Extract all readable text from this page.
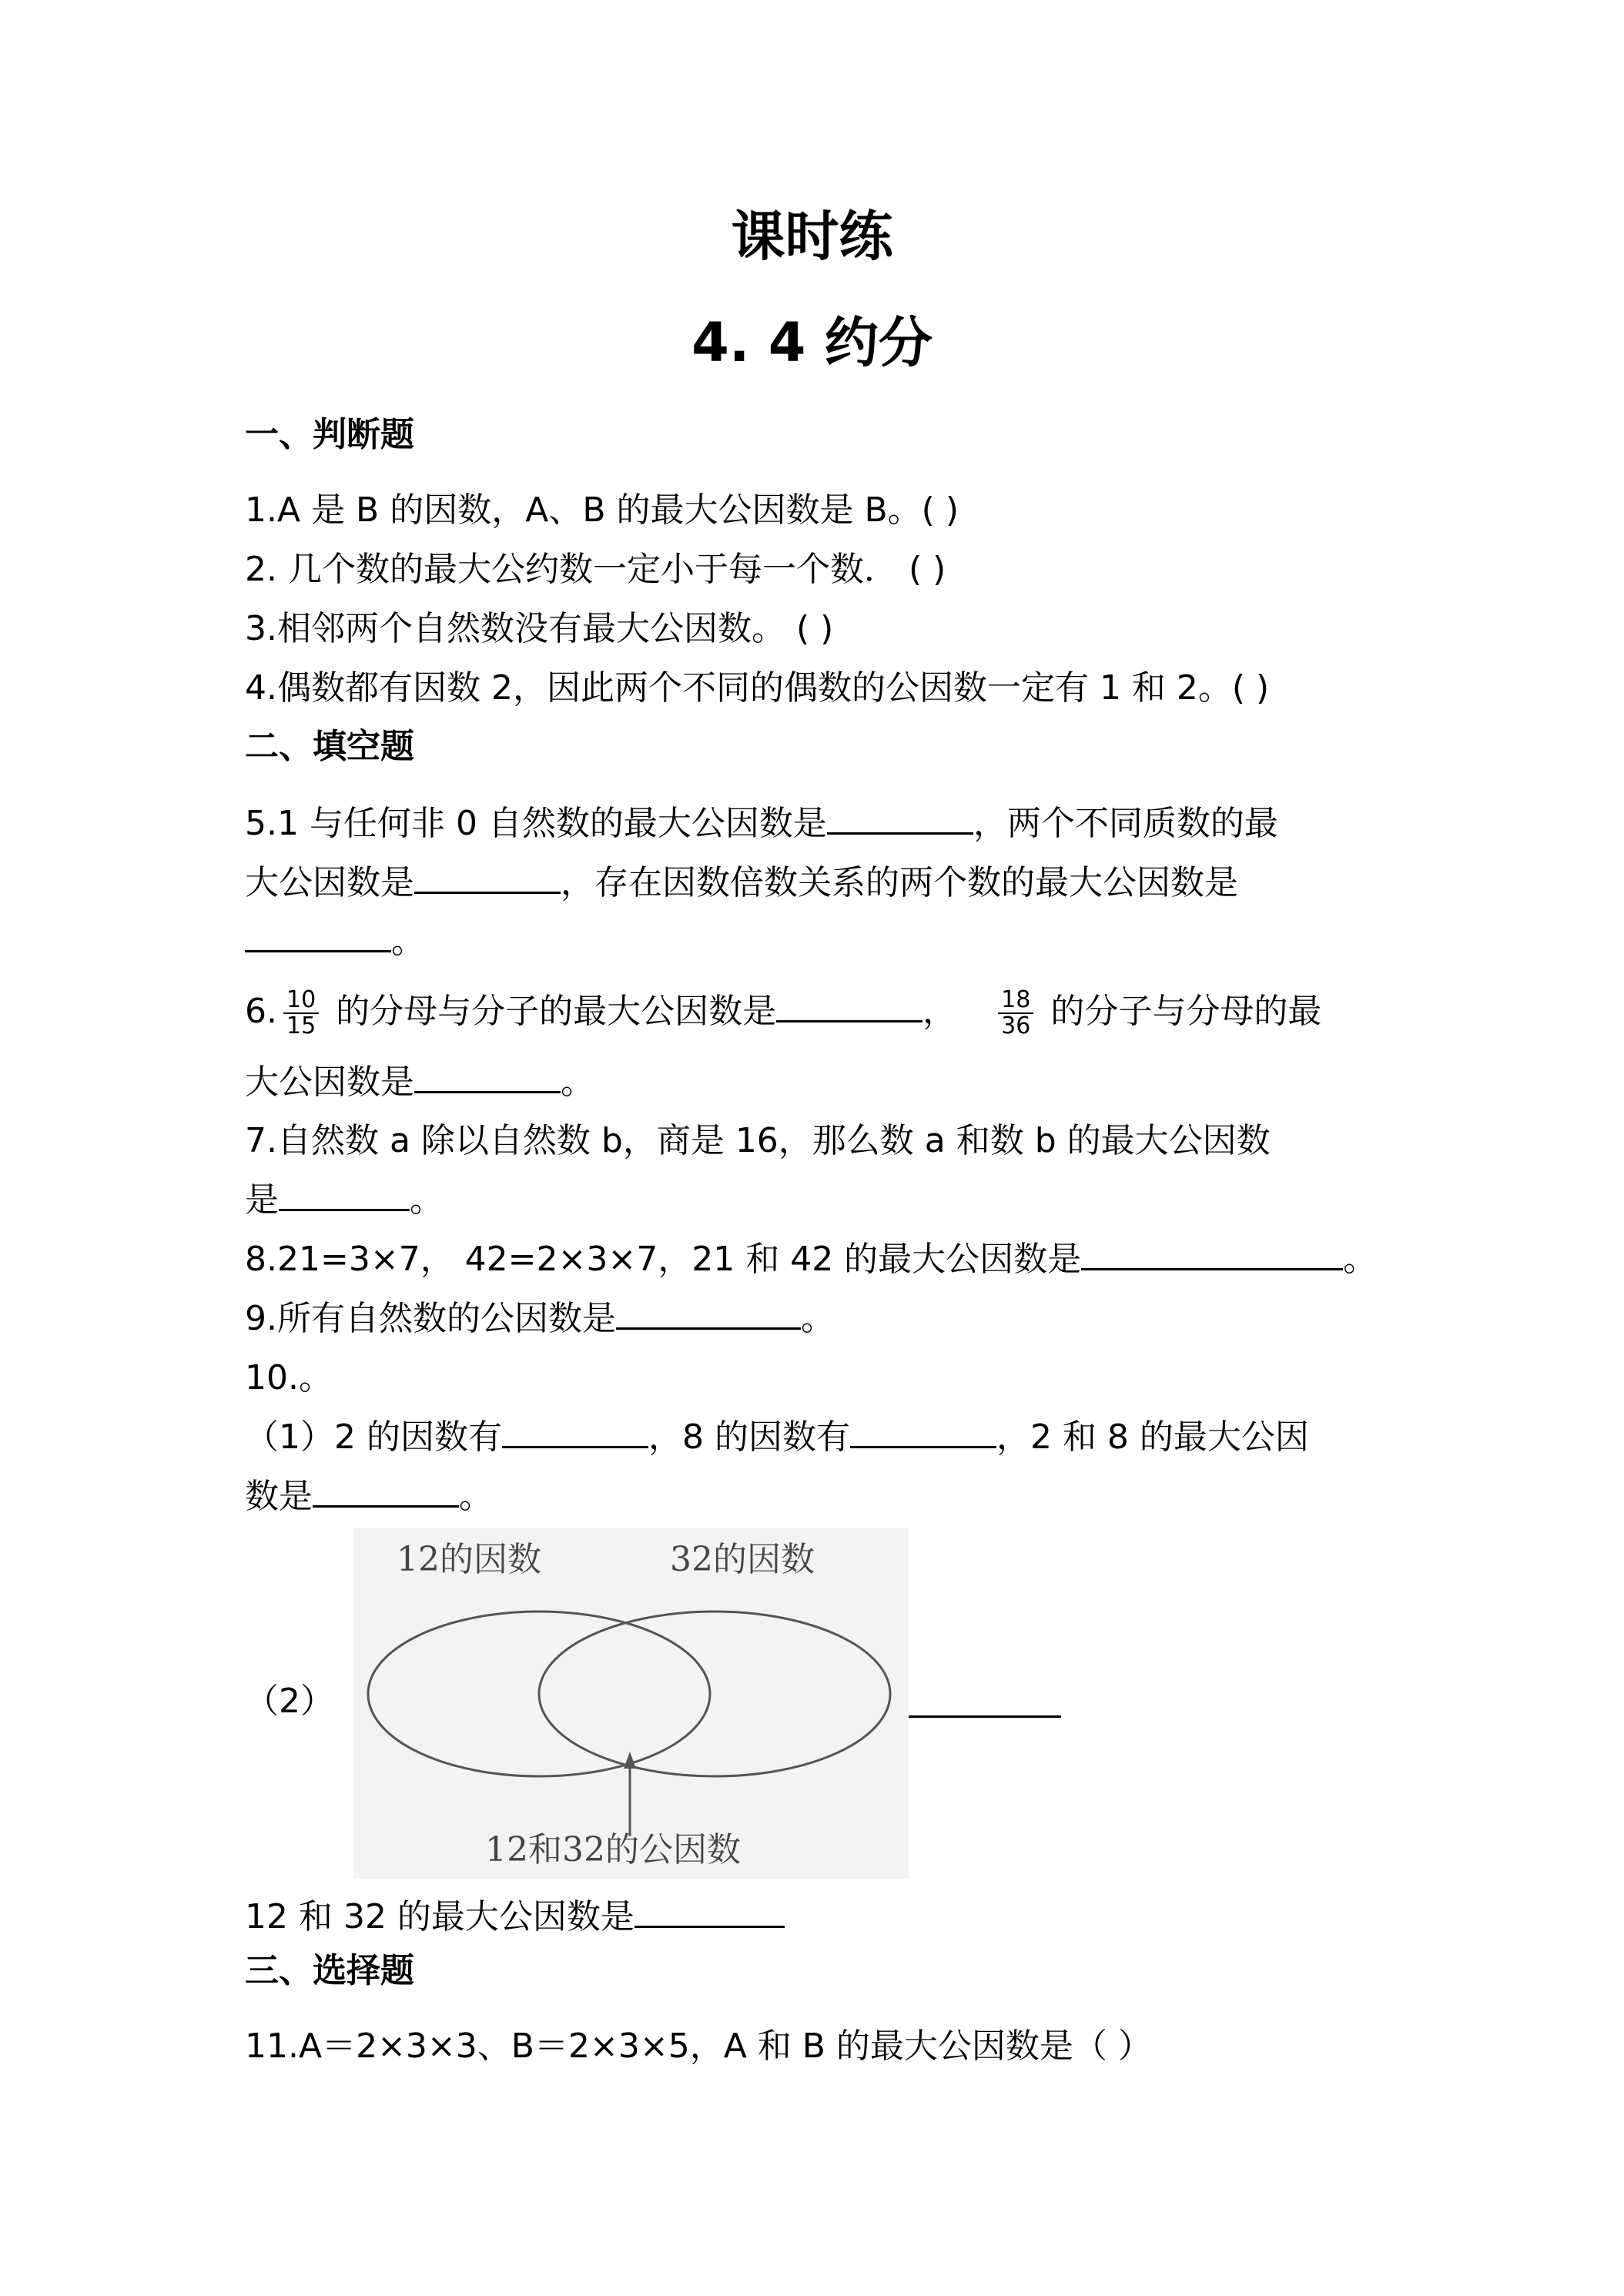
课时练
4. 4 约分
一、判断题
1.A 是 B 的因数，A、B 的最大公因数是 B。( )
2. 几个数的最大公约数一定小于每一个数． ( )
3.相邻两个自然数没有最大公因数。 ( )
4.偶数都有因数 2，因此两个不同的偶数的公因数一定有 1 和 2。( )
二、填空题
5.1 与任何非 0 自然数的最大公因数是	，两个不同质数的最
大公因数是	，存在因数倍数关系的两个数的最大公因数是
。
6. $\frac{10}{15}$ 的分母与分子的最大公因数是	， $\frac{18}{36}$ 的分子与分母的最
大公因数是	。
7.自然数 a 除以自然数 b，商是 16，那么数 a 和数 b 的最大公因数
是	。
8.21=3×7， 42=2×3×7，21 和 42 的最大公因数是	。
9.所有自然数的公因数是	。
10.。
（1）2 的因数有	，8 的因数有	，2 和 8 的最大公因
数是	。
（2）
12的因数	32的因数
12和32的公因数
12 和 32 的最大公因数是
三、选择题
11.A＝2×3×3、B＝2×3×5，A 和 B 的最大公因数是（ ）
